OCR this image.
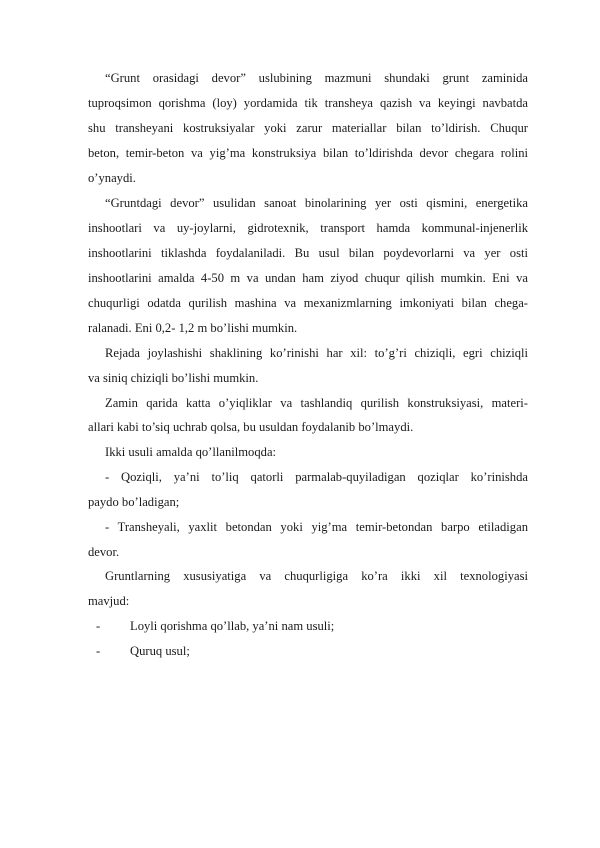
“Grunt orasidagi devor” uslubining mazmuni shundaki grunt zaminida
tuproqsimon qorishma (loy) yordamida tik transheya qazish va keyingi navbatda
shu transheyani kostruksiyalar yoki zarur materiallar bilan to’ldirish. Chuqur
beton, temir-beton va yig’ma konstruksiya bilan to’ldirishda devor chegara rolini
o’ynaydi.
“Gruntdagi devor” usulidan sanoat binolarining yer osti qismini, energetika
inshootlari va uy-joylarni, gidrotexnik, transport hamda kommunal-injenerlik
inshootlarini tiklashda foydalaniladi. Bu usul bilan poydevorlarni va yer osti
inshootlarini amalda 4-50 m va undan ham ziyod chuqur qilish mumkin. Eni va
chuqurligi odatda qurilish mashina va mexanizmlarning imkoniyati bilan chega-
ralanadi. Eni 0,2- 1,2 m bo’lishi mumkin.
Rejada joylashishi shaklining ko’rinishi har xil: to’g’ri chiziqli, egri chiziqli
va siniq chiziqli bo’lishi mumkin.
Zamin qarida katta o’yiqliklar va tashlandiq qurilish konstruksiyasi, materi-
allari kabi to’siq uchrab qolsa, bu usuldan foydalanib bo’lmaydi.
Ikki usuli amalda qo’llanilmoqda:
- Qoziqli, ya’ni to’liq qatorli parmalab-quyiladigan qoziqlar ko’rinishda
paydo bo’ladigan;
- Transheyali, yaxlit betondan yoki yig’ma temir-betondan barpo etiladigan
devor.
Gruntlarning xususiyatiga va chuqurligiga ko’ra ikki xil texnologiyasi
mavjud:
- Loyli qorishma qo’llab, ya’ni nam usuli;
- Quruq usul;
